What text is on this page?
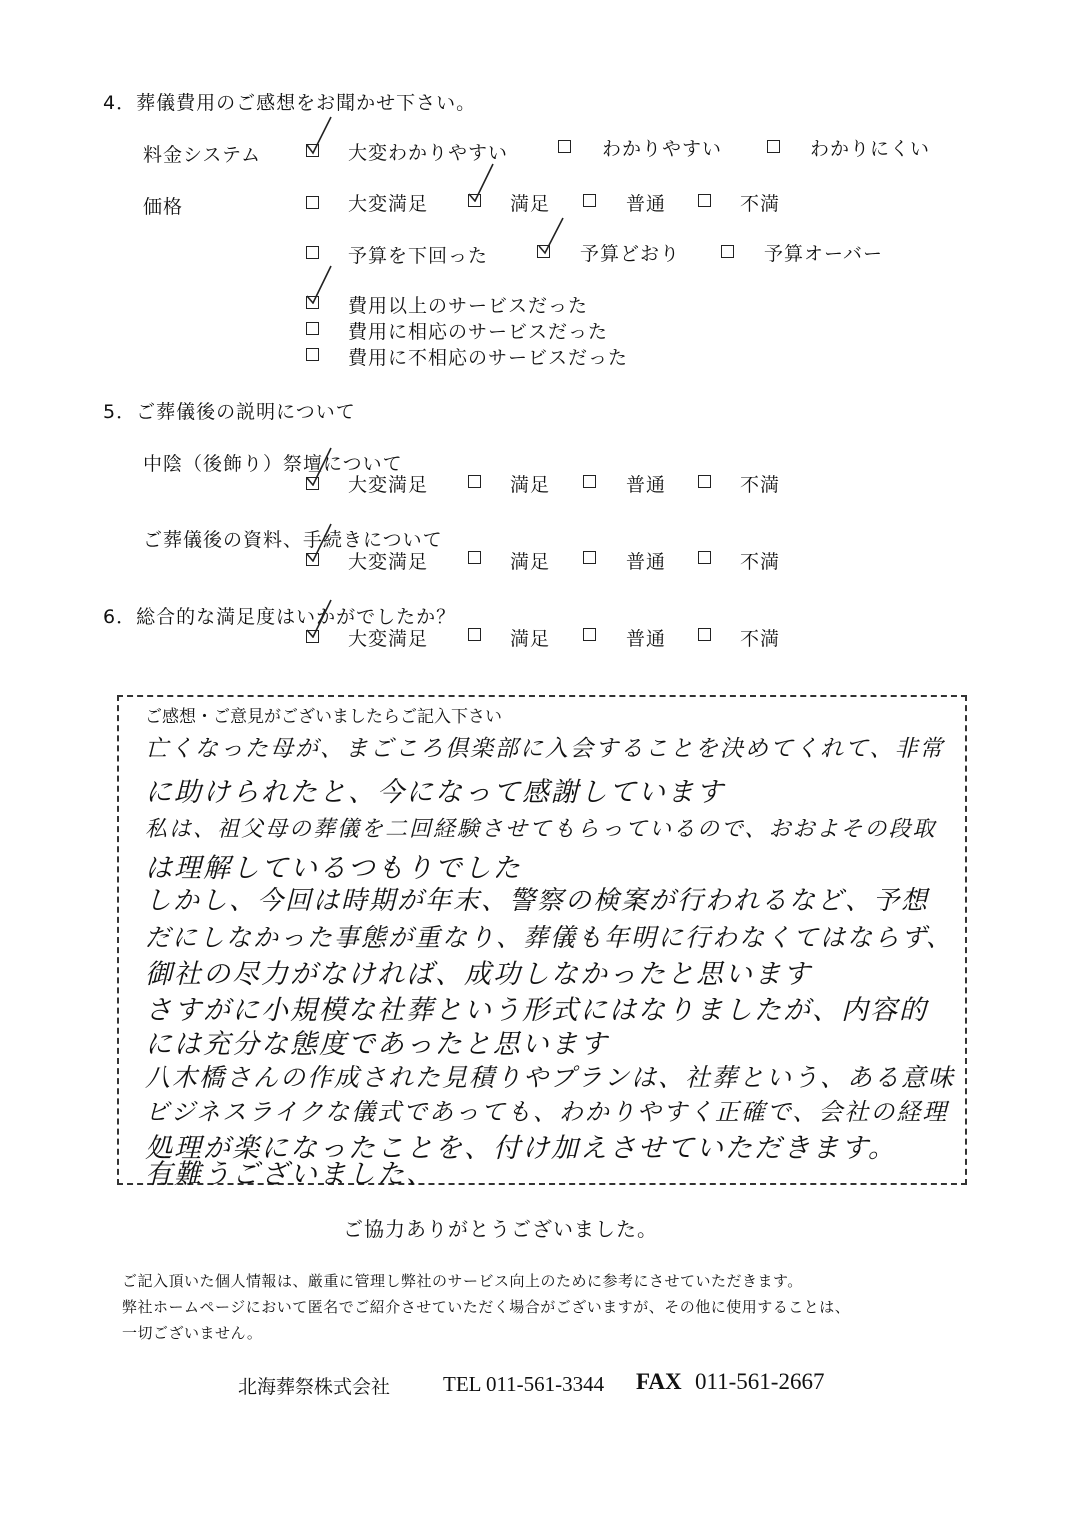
4．葬儀費用のご感想をお聞かせ下さい。
料金システム	大変わかりやすい	わかりやすい	わかりにくい
価格	大変満足	満足	普通	不満
予算を下回った	予算どおり	予算オーバー
費用以上のサービスだった
費用に相応のサービスだった
費用に不相応のサービスだった
5．ご葬儀後の説明について
中陰（後飾り）祭壇について
大変満足	満足	普通	不満
ご葬儀後の資料、手続きについて
大変満足	満足	普通	不満
6．総合的な満足度はいかがでしたか？
大変満足	満足	普通	不満
ご感想・ご意見がございましたらご記入下さい
亡くなった母が、まごころ倶楽部に入会することを決めてくれて、非常
に助けられたと、今になって感謝しています
私は、祖父母の葬儀を二回経験させてもらっているので、おおよその段取
は理解しているつもりでした
しかし、今回は時期が年末、警察の検案が行われるなど、予想
だにしなかった事態が重なり、葬儀も年明に行わなくてはならず、
御社の尽力がなければ、成功しなかったと思います
さすがに小規模な社葬という形式にはなりましたが、内容的
には充分な態度であったと思います
八木橋さんの作成された見積りやプランは、社葬という、ある意味
ビジネスライクな儀式であっても、わかりやすく正確で、会社の経理
処理が楽になったことを、付け加えさせていただきます。
有難うございました、
ご協力ありがとうございました。
ご記入頂いた個人情報は、厳重に管理し弊社のサービス向上のために参考にさせていただきます。
弊社ホームページにおいて匿名でご紹介させていただく場合がございますが、その他に使用することは、
一切ございません。
北海葬祭株式会社	TEL 011-561-3344 FAX 011-561-2667
